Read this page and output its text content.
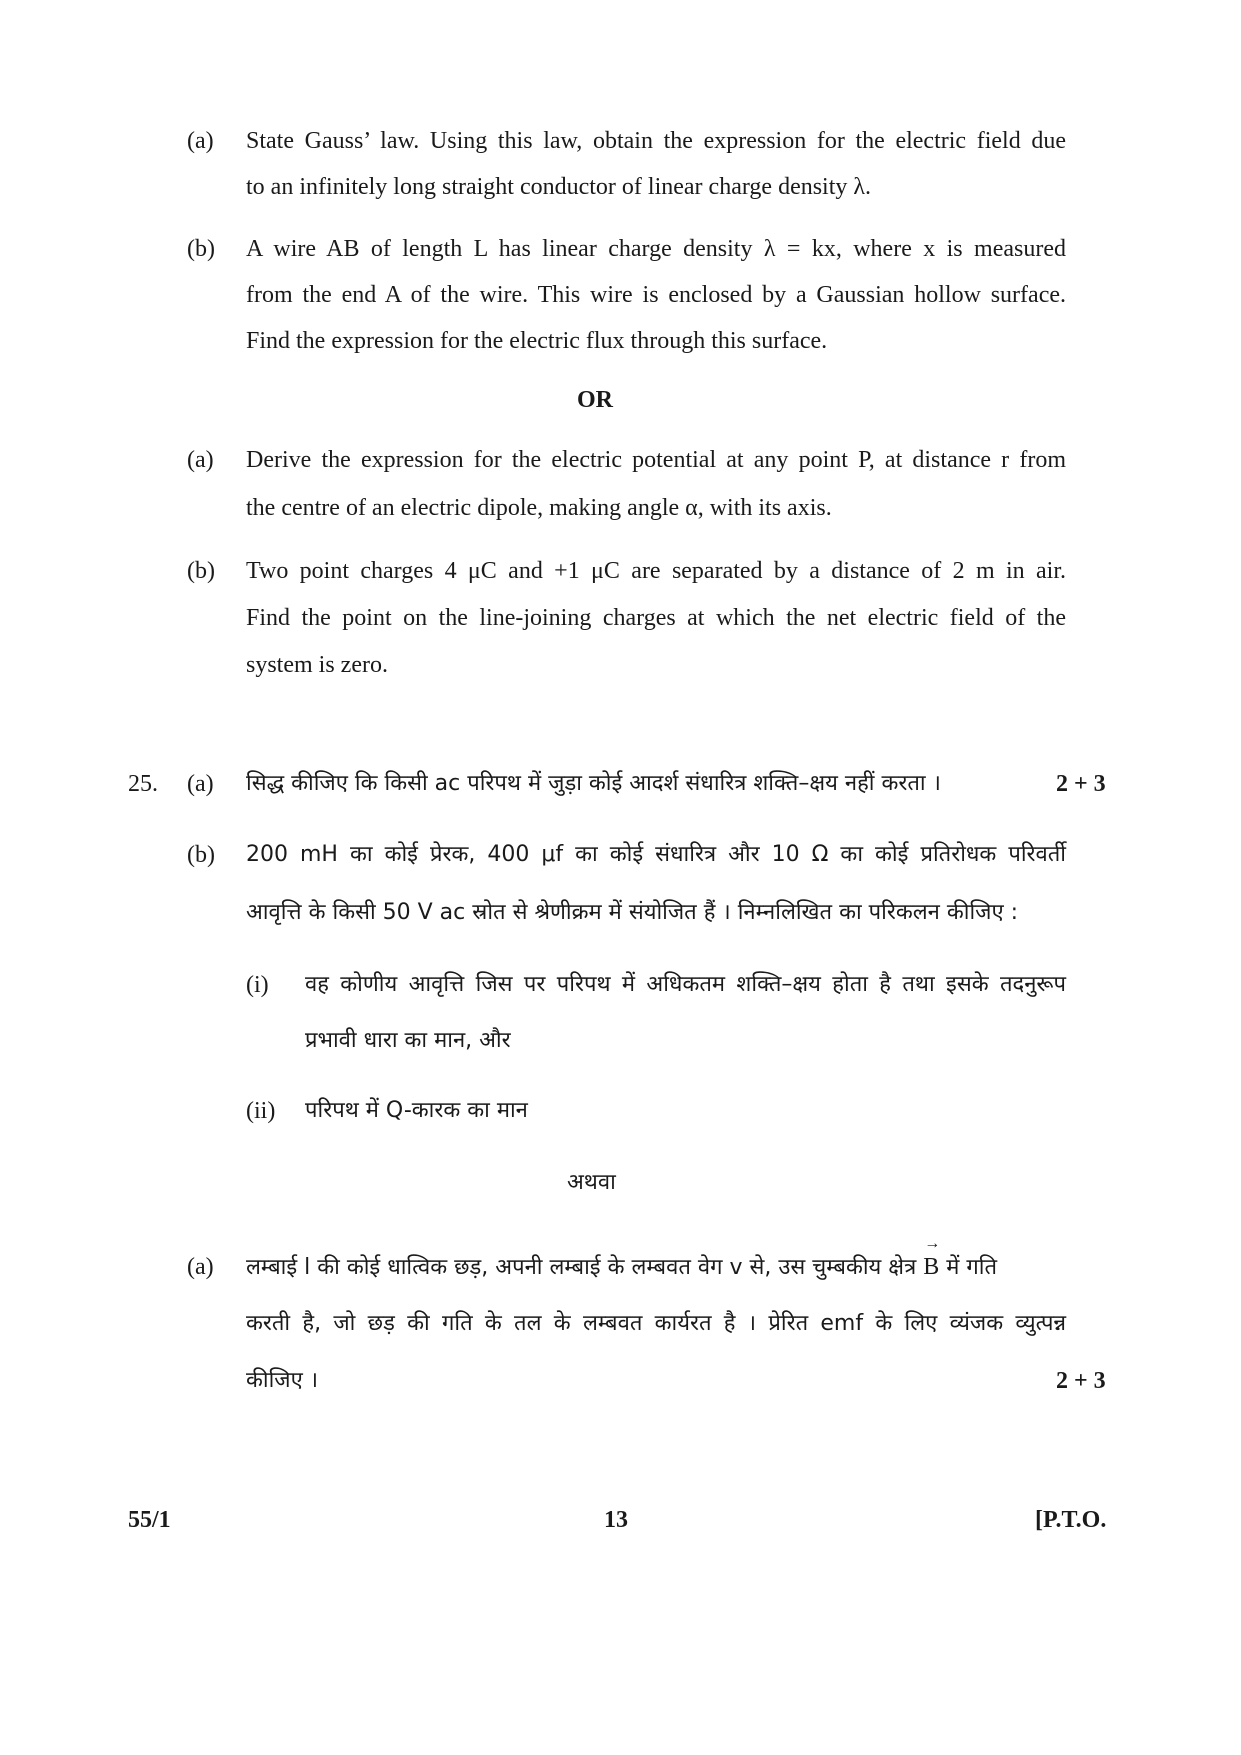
(a) State Gauss’ law. Using this law, obtain the expression for the electric field due
to an infinitely long straight conductor of linear charge density λ.
(b) A wire AB of length L has linear charge density λ = kx, where x is measured
from the end A of the wire. This wire is enclosed by a Gaussian hollow surface.
Find the expression for the electric flux through this surface.
OR
(a) Derive the expression for the electric potential at any point P, at distance r from
the centre of an electric dipole, making angle α, with its axis.
(b) Two point charges 4 μC and +1 μC are separated by a distance of 2 m in air.
Find the point on the line-joining charges at which the net electric field of the
system is zero.
25. (a) सिद्ध कीजिए कि किसी ac परिपथ में जुड़ा कोई आदर्श संधारित्र शक्ति–क्षय नहीं करता ।	2 + 3
(b) 200 mH का कोई प्रेरक, 400 μf का कोई संधारित्र और 10 Ω का कोई प्रतिरोधक परिवर्ती
आवृत्ति के किसी 50 V ac स्रोत से श्रेणीक्रम में संयोजित हैं । निम्नलिखित का परिकलन कीजिए :
(i) वह कोणीय आवृत्ति जिस पर परिपथ में अधिकतम शक्ति–क्षय होता है तथा इसके तदनुरूप
प्रभावी धारा का मान, और
(ii) परिपथ में Q-कारक का मान
अथवा
(a) लम्बाई l की कोई धात्विक छड़, अपनी लम्बाई के लम्बवत वेग v से, उस चुम्बकीय क्षेत्र
→
B में गति
करती है, जो छड़ की गति के तल के लम्बवत कार्यरत है । प्रेरित emf के लिए व्यंजक व्युत्पन्न
कीजिए ।	2 + 3
55/1	13	[P.T.O.
